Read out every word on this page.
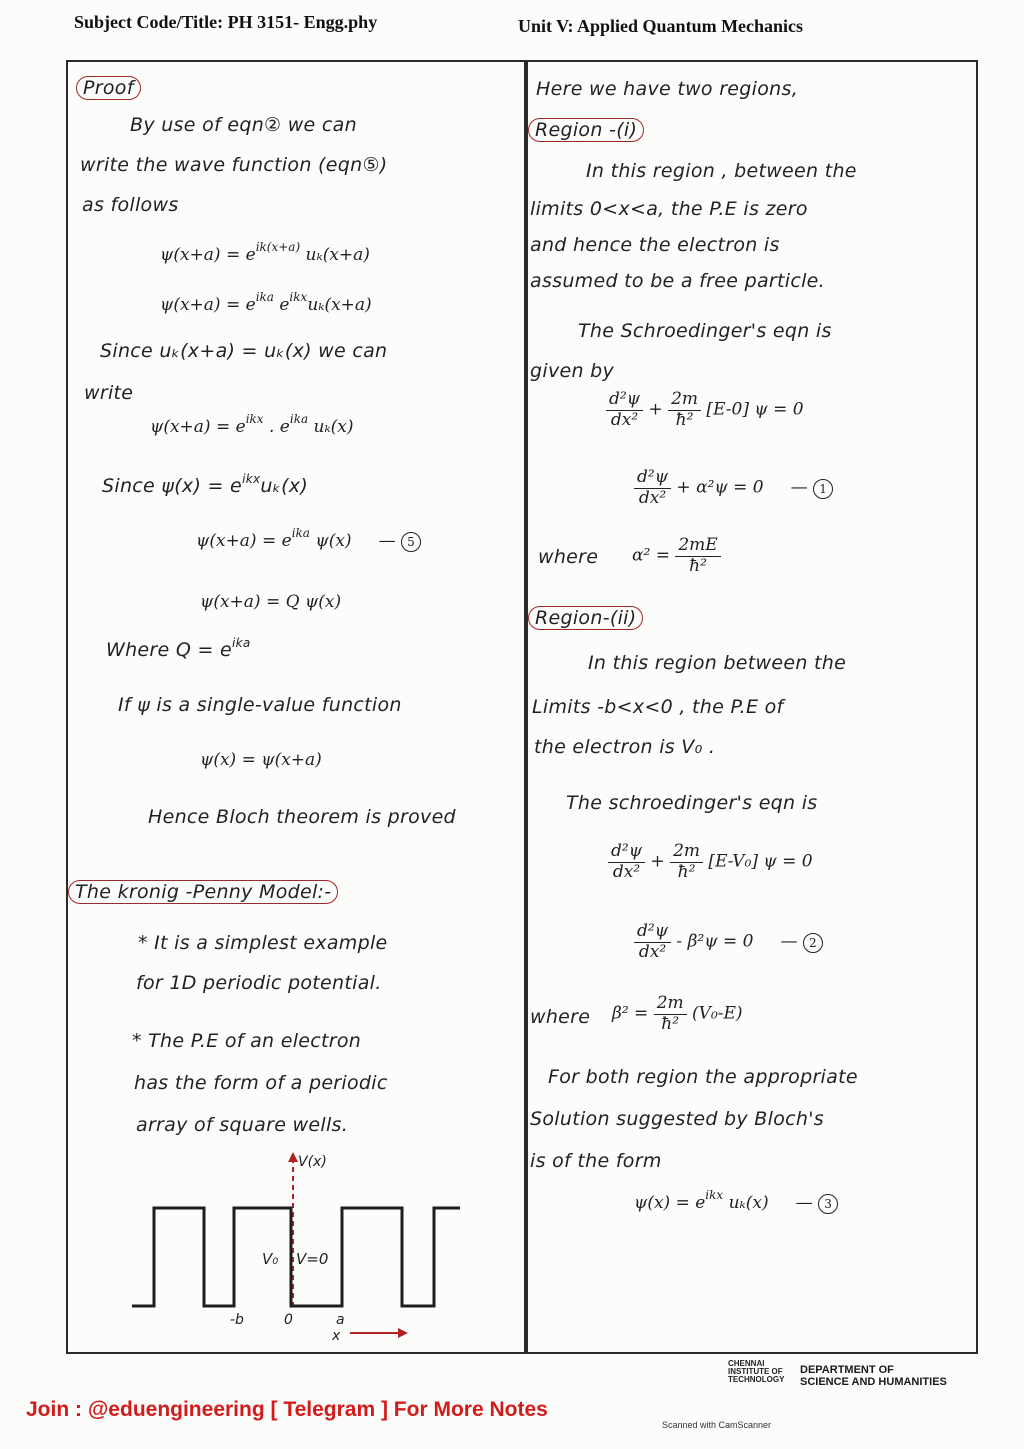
Subject Code/Title: PH 3151- Engg.phy	Unit V: Applied Quantum Mechanics
Proof
By use of eqn② we can
write the wave function (eqn⑤)
as follows
$\psi(x+a) = e^{ik(x+a)}$ uₖ(x+a)
$\psi(x+a) = e^{ika}$ $e^{ikx}u_k(x+a)$
Since uₖ(x+a) = uₖ(x) we can
write
$\psi(x+a) = e^{ikx}$ . $e^{ika}$ uₖ(x)
Since $\psi(x) = e^{ikx}u_k(x)$
$\psi(x+a) = e^{ika}$ ψ(x)     — 5
ψ(x+a) = Q ψ(x)
Where $Q = e^{ika}$
If ψ is a single-value function
ψ(x) = ψ(x+a)
Hence Bloch theorem is proved
The kronig -Penny Model:-
* It is a simplest example
for 1D periodic potential.
* The P.E of an electron
has the form of a periodic
array of square wells.
V(x)
V₀ V=0
-b	0	a
x
Here we have two regions,
Region -(i)
In this region , between the
limits 0<x<a, the P.E is zero
and hence the electron is
assumed to be a free particle.
The Schroedinger's eqn is
given by
$\frac{\text{d²ψ}}{\text{dx²}} + \frac{2m}{\text{ħ²}} [E-0] \psi = 0$
$\frac{\text{d²ψ}}{\text{dx²}} + \alpha^2\psi = 0$     — 1
where $\alpha^2 = \frac{2mE}{\text{ħ²}}$
Region-(ii)
In this region between the
Limits -b<x<0 , the P.E of
the electron is V₀ .
The schroedinger's eqn is
$\frac{\text{d²ψ}}{\text{dx²}} + \frac{2m}{\text{ħ²}} [E-V_0] \psi = 0$
$\frac{\text{d²ψ}}{\text{dx²}} - \beta^2\psi = 0$     — 2
where $\beta^2 = \frac{2m}{\text{ħ²}} (V_0-E)$
For both region the appropriate
Solution suggested by Bloch's
is of the form
$\psi(x) = e^{ikx}$ uₖ(x)     — 3
Join : @eduengineering [ Telegram ] For More Notes
CHENNAI
INSTITUTE OF
TECHNOLOGY
DEPARTMENT OF
SCIENCE AND HUMANITIES
Scanned with CamScanner
